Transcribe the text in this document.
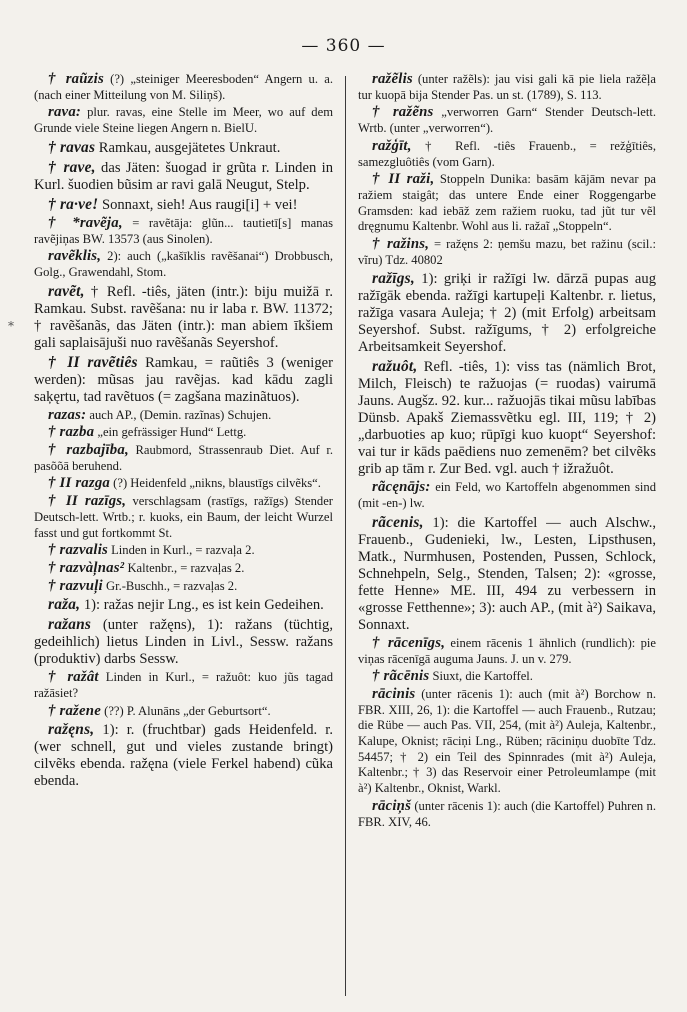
— 360 —
*

† raũzis (?) „steiniger Meeresboden“ Angern u. a. (nach einer Mitteilung von M. Siliņš).

rava: plur. ravas, eine Stelle im Meer, wo auf dem Grunde viele Steine liegen Angern n. BielU.

† ravas Ramkau, ausgejätetes Unkraut.

† rave, das Jäten: šuogad ir grũta r. Linden in Kurl. šuodien bũsim ar ravi galā Neugut, Stelp.

† ra·ve! Sonnaxt, sieh! Aus raugi[i] + vei!

† *ravẽja, = ravẽtāja: glũn... tautietī[s] manas ravẽjiņas BW. 13573 (aus Sinolen).

ravẽklis, 2): auch („kašīklis ravẽšanai“) Drobbusch, Golg., Grawendahl, Stom.

ravẽt, † Refl. -tiês, jäten (intr.): biju muižā r. Ramkau. Subst. ravẽšana: nu ir laba r. BW. 11372; † ravẽšanãs, das Jäten (intr.): man abiem īkšiem gali saplaisājuši nuo ravẽšanãs Seyershof.

† II ravẽtiês Ramkau, = raũtiês 3 (weniger werden): mũsas jau ravẽjas. kad kādu zagli saķęrtu, tad ravẽtuos (= zagšana mazinãtuos).

razas: auch AP., (Demin. razĩnas) Schujen.

† razba „ein gefrässiger Hund“ Lettg.

† razbajība, Raubmord, Strassenraub Diet. Auf r. pasõõā beruhend.

† II razga (?) Heidenfeld „nikns, blaustīgs cilvẽks“.

† II razīgs, verschlagsam (rastīgs, ražīgs) Stender Deutsch-lett. Wrtb.; r. kuoks, ein Baum, der leicht Wurzel fasst und gut fortkommt St.

† razvalis Linden in Kurl., = razvaļa 2.

† razvàļnas² Kaltenbr., = razvaļas 2.

† razvuļi Gr.-Buschh., = razvaļas 2.

raža, 1): ražas nejir Lng., es ist kein Gedeihen.

ražans (unter ražęns), 1): ražans (tüchtig, gedeihlich) lietus Linden in Livl., Sessw. ražans (produktiv) darbs Sessw.

† ražât Linden in Kurl., = ražuôt: kuo jũs tagad ražāsiet?

† ražene (??) P. Alunāns „der Geburtsort“.

ražęns, 1): r. (fruchtbar) gads Heidenfeld. r. (wer schnell, gut und vieles zustande bringt) cilvẽks ebenda. ražęna (viele Ferkel habend) cũka ebenda.

ražẽlis (unter ražẽls): jau visi gali kā pie liela ražẽļa tur kuopā bija Stender Pas. un st. (1789), S. 113.

† ražẽns „verworren Garn“ Stender Deutsch-lett. Wrtb. (unter „verworren“).

ražģīt, † Refl. -tiês Frauenb., = režģītiês, samezgluôtiês (vom Garn).

† II raži, Stoppeln Dunika: basām kājām nevar pa ražiem staigât; das untere Ende einer Roggengarbe Gramsden: kad iebāž zem ražiem ruoku, tad jũt tur vẽl dręgnumu Kaltenbr. Wohl aus li. ražaĩ „Stoppeln“.

† ražins, = ražęns 2: ņemšu mazu, bet ražinu (scil.: vĩru) Tdz. 40802

ražīgs, 1): griķi ir ražīgi lw. dārzā pupas aug ražīgāk ebenda. ražīgi kartupeļi Kaltenbr. r. lietus, ražīga vasara Auleja; † 2) (mit Erfolg) arbeitsam Seyershof. Subst. ražīgums, † 2) erfolgreiche Arbeitsamkeit Seyershof.

ražuôt, Refl. -tiês, 1): viss tas (nämlich Brot, Milch, Fleisch) te ražuojas (= ruodas) vairumā Jauns. Augšz. 92. kur... ražuojās tikai mũsu labības Dünsb. Apakš Ziemassvẽtku egl. III, 119; † 2) „darbuoties ap kuo; rūpīgi kuo kuopt“ Seyershof: vai tur ir kāds paēdiens nuo zemenēm? bet cilvẽks grib ap tām r. Zur Bed. vgl. auch † ižražuôt.

rãcęnājs: ein Feld, wo Kartoffeln abgenommen sind (mit -en-) lw.

rãcenis, 1): die Kartoffel — auch Alschw., Frauenb., Gudenieki, lw., Lesten, Lipsthusen, Matk., Nurmhusen, Postenden, Pussen, Schlock, Schnehpeln, Selg., Stenden, Talsen; 2): «grosse, fette Henne» ME. III, 494 zu verbessern in «grosse Fetthenne»; 3): auch AP., (mit à²) Saikava, Sonnaxt.

† rācenīgs, einem rācenis 1 ähnlich (rundlich): pie viņas rācenīgā auguma Jauns. J. un v. 279.

† rãcēnis Siuxt, die Kartoffel.

rācinis (unter rācenis 1): auch (mit à²) Borchow n. FBR. XIII, 26, 1): die Kartoffel — auch Frauenb., Rutzau; die Rübe — auch Pas. VII, 254, (mit à²) Auleja, Kaltenbr., Kalupe, Oknist; rāciņi Lng., Rüben; rāciniņu duobīte Tdz. 54457; † 2) ein Teil des Spinnrades (mit à²) Auleja, Kaltenbr.; † 3) das Reservoir einer Petroleumlampe (mit à²) Kaltenbr., Oknist, Warkl.

rāciņš (unter rācenis 1): auch (die Kartoffel) Puhren n. FBR. XIV, 46.
